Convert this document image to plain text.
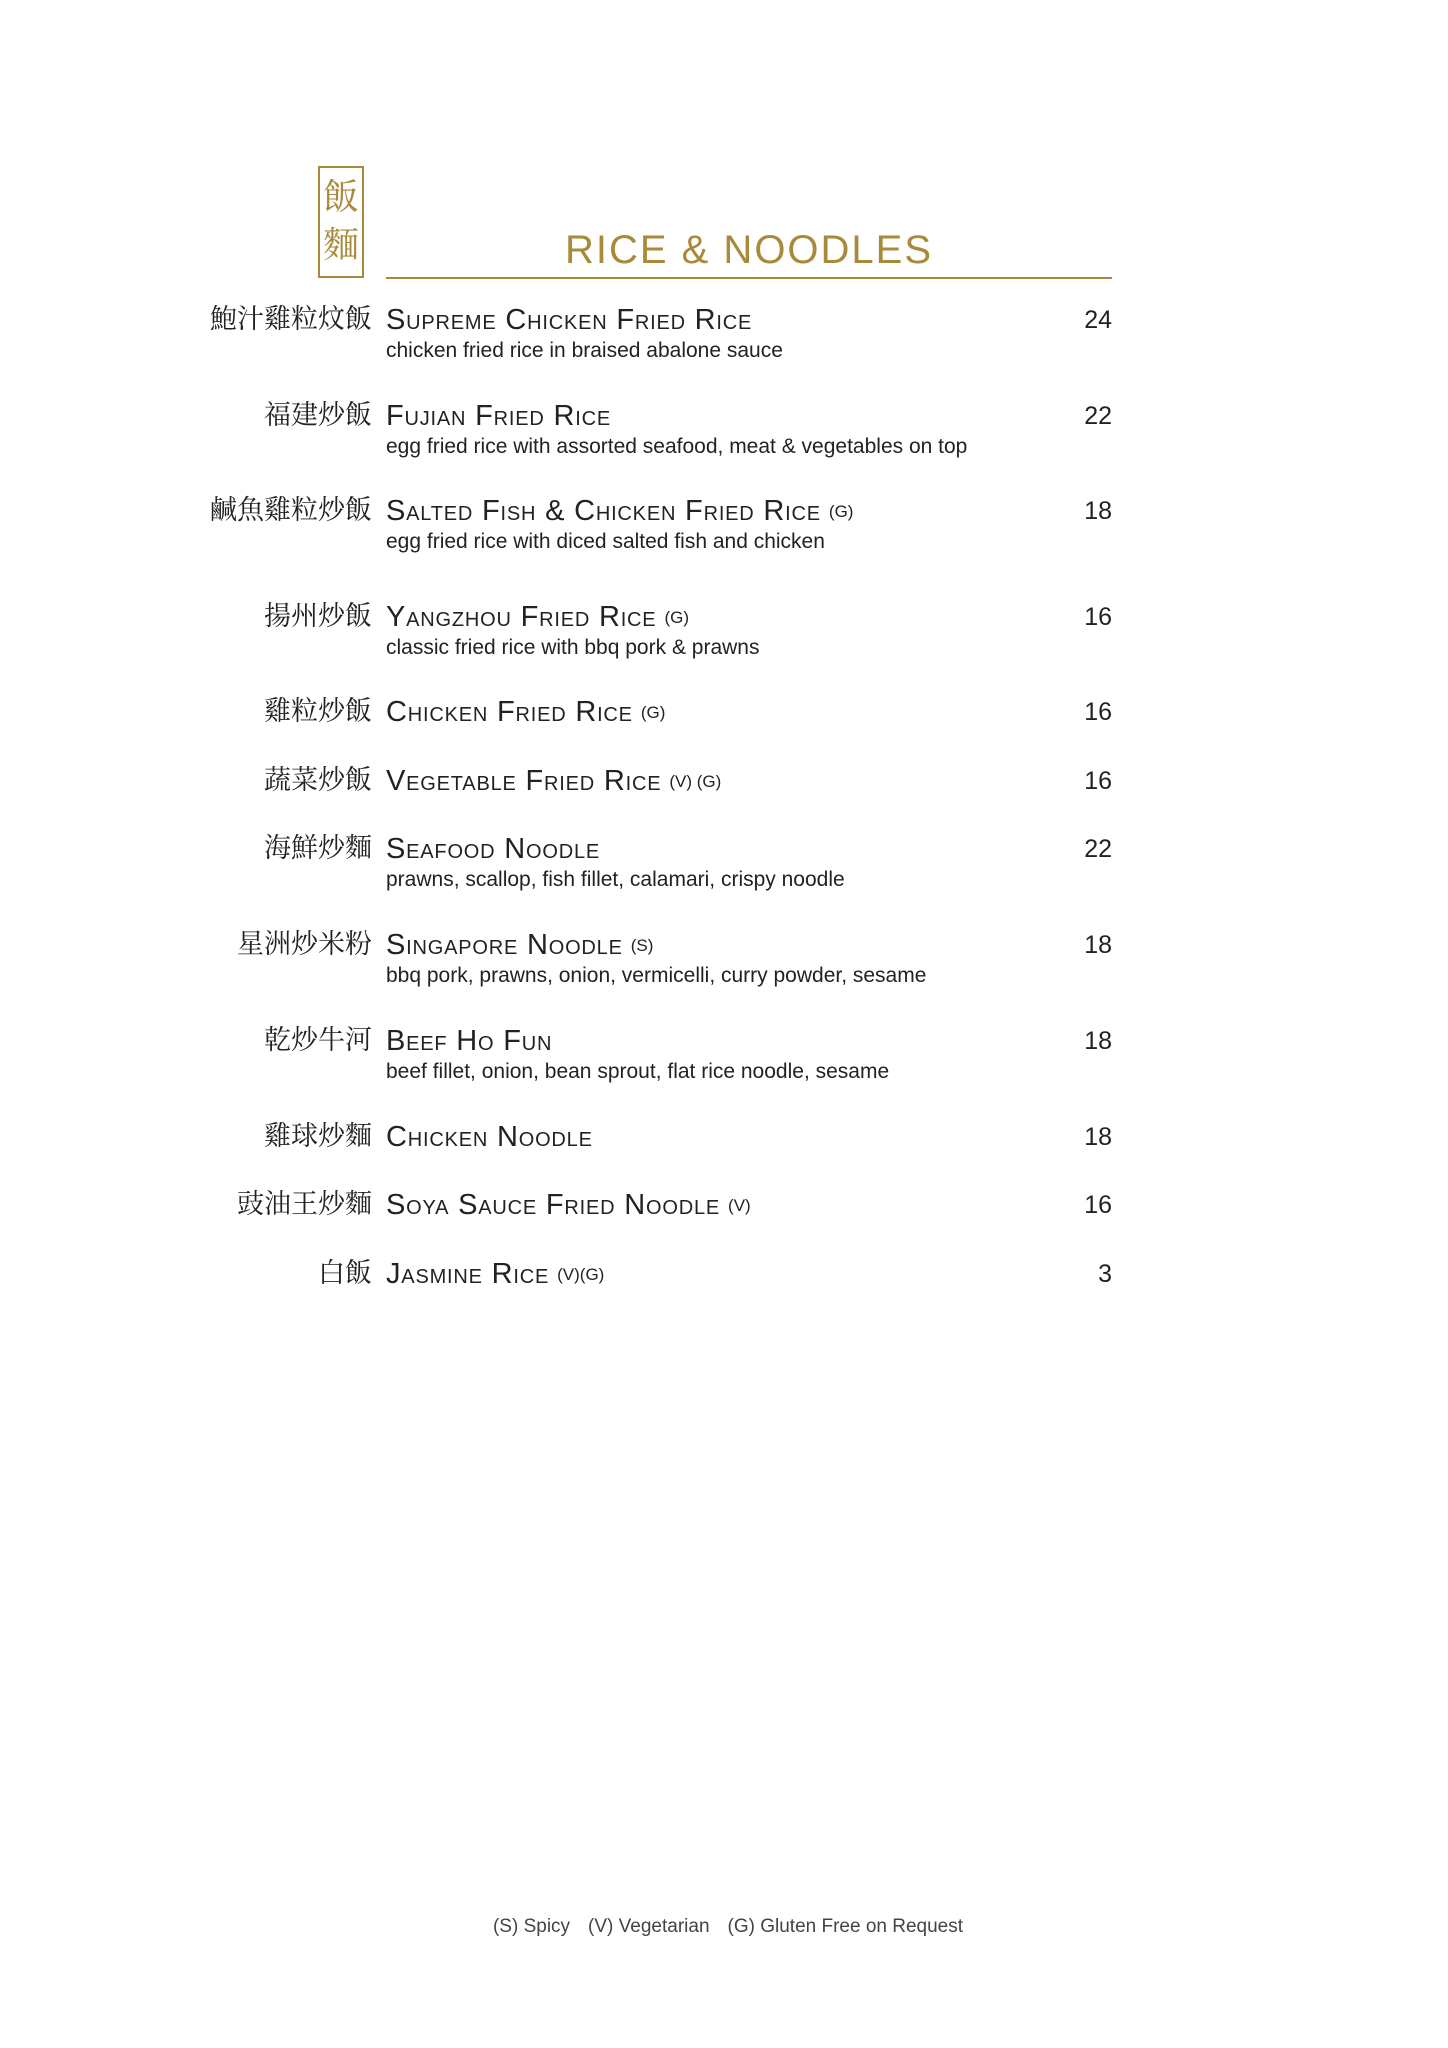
飯
麵	RICE & NOODLES
鮑汁雞粒炆飯 Supreme Chicken Fried Rice
chicken fried rice in braised abalone sauce
24
福建炒飯 Fujian Fried Rice
egg fried rice with assorted seafood, meat & vegetables on top
22
鹹魚雞粒炒飯 Salted Fish & Chicken Fried Rice (G)
egg fried rice with diced salted fish and chicken
18
揚州炒飯 Yangzhou Fried Rice (G)
classic fried rice with bbq pork & prawns
16
雞粒炒飯 Chicken Fried Rice (G)	16
蔬菜炒飯 Vegetable Fried Rice (V) (G)	16
海鮮炒麵 Seafood Noodle
prawns, scallop, fish fillet, calamari, crispy noodle
22
星洲炒米粉 Singapore Noodle (S)
bbq pork, prawns, onion, vermicelli, curry powder, sesame
18
乾炒牛河 Beef Ho Fun
beef fillet, onion, bean sprout, flat rice noodle, sesame
18
雞球炒麵 Chicken Noodle	18
豉油王炒麵 Soya Sauce Fried Noodle (V)	16
白飯 Jasmine Rice (V)(G)	3
(S) Spicy (V) Vegetarian (G) Gluten Free on Request
